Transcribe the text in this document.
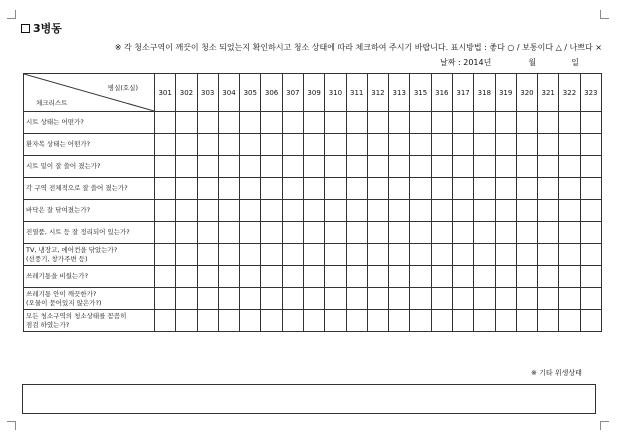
3병동
※ 각 청소구역이 깨끗이 청소 되었는지 확인하시고 청소 상태에 따라 체크하여 주시기 바랍니다. 표시방법 : 좋다 ○ / 보통이다 △ / 나쁘다 ×
날짜 : 2014년	월	일
병실(호실)
체크리스트	301	302	303	304	305	306	307	309	310	311	312	313	315	316	317	318	319	320	321	322	323

시트 상태는 어떤가?																					

환자복 상태는 어떤가?																					

시트 밑이 잘 쓸어 졌는가?																					

각 구역 전체적으로 잘 쓸어 졌는가?																					

바닥은 잘 닦여졌는가?																					

진열품, 시트 등 잘 정리되어 있는가?																					

TV, 냉장고, 에어컨을 닦았는가?
(선풍기, 창가주변 등)																					

쓰레기통을 비웠는가?																					

쓰레기통 안이 깨끗한가?
(오물이 묻어있지 않은가?)																					

모든 청소구역의 청소상태를 꼼꼼히
점검 하였는가?																					

※ 기타 위생상태
